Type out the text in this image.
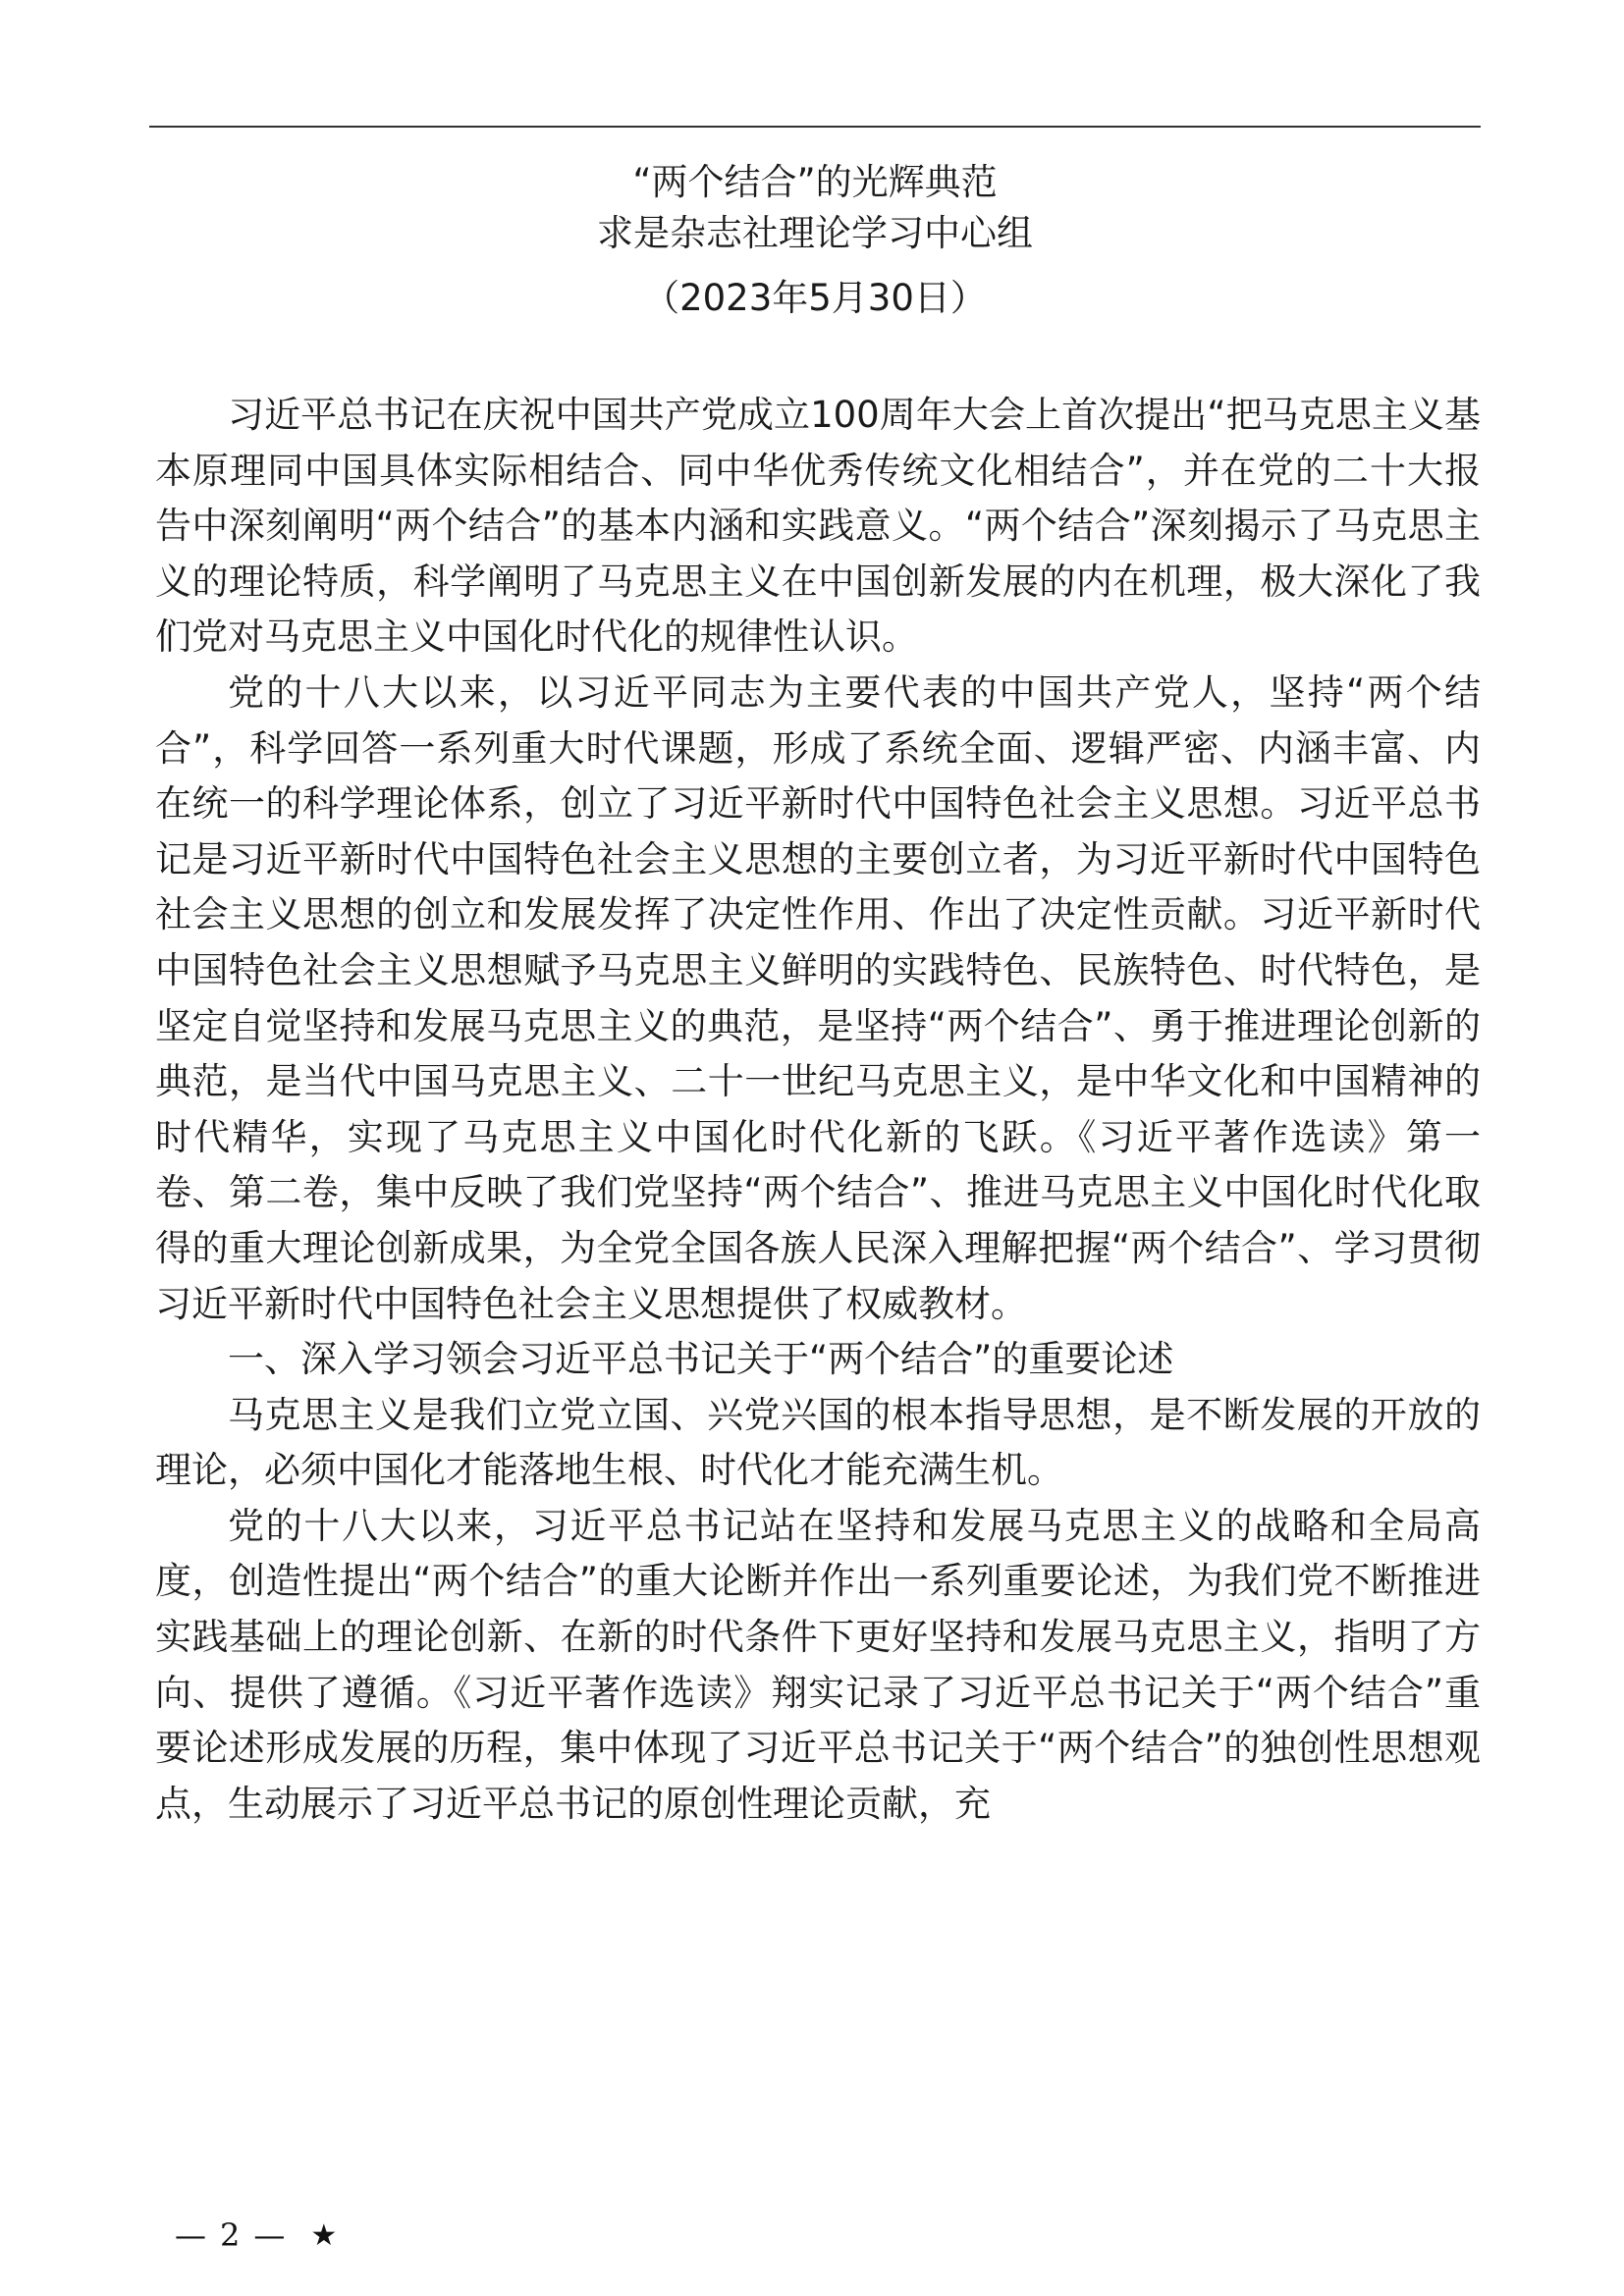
“两个结合”的光辉典范
求是杂志社理论学习中心组
（2023年5月30日）

习近平总书记在庆祝中国共产党成立100周年大会上首次提出“把马克思主义基本原理同中国具体实际相结合、同中华优秀传统文化相结合”，并在党的二十大报告中深刻阐明“两个结合”的基本内涵和实践意义。“两个结合”深刻揭示了马克思主义的理论特质，科学阐明了马克思主义在中国创新发展的内在机理，极大深化了我们党对马克思主义中国化时代化的规律性认识。

党的十八大以来，以习近平同志为主要代表的中国共产党人，坚持“两个结合”，科学回答一系列重大时代课题，形成了系统全面、逻辑严密、内涵丰富、内在统一的科学理论体系，创立了习近平新时代中国特色社会主义思想。习近平总书记是习近平新时代中国特色社会主义思想的主要创立者，为习近平新时代中国特色社会主义思想的创立和发展发挥了决定性作用、作出了决定性贡献。习近平新时代中国特色社会主义思想赋予马克思主义鲜明的实践特色、民族特色、时代特色，是坚定自觉坚持和发展马克思主义的典范，是坚持“两个结合”、勇于推进理论创新的典范，是当代中国马克思主义、二十一世纪马克思主义，是中华文化和中国精神的时代精华，实现了马克思主义中国化时代化新的飞跃。《习近平著作选读》第一卷、第二卷，集中反映了我们党坚持“两个结合”、推进马克思主义中国化时代化取得的重大理论创新成果，为全党全国各族人民深入理解把握“两个结合”、学习贯彻习近平新时代中国特色社会主义思想提供了权威教材。

一、深入学习领会习近平总书记关于“两个结合”的重要论述

马克思主义是我们立党立国、兴党兴国的根本指导思想，是不断发展的开放的理论，必须中国化才能落地生根、时代化才能充满生机。

党的十八大以来，习近平总书记站在坚持和发展马克思主义的战略和全局高度，创造性提出“两个结合”的重大论断并作出一系列重要论述，为我们党不断推进实践基础上的理论创新、在新的时代条件下更好坚持和发展马克思主义，指明了方向、提供了遵循。《习近平著作选读》翔实记录了习近平总书记关于“两个结合”重要论述形成发展的历程，集中体现了习近平总书记关于“两个结合”的独创性思想观点，生动展示了习近平总书记的原创性理论贡献，充

— 2 — ★
